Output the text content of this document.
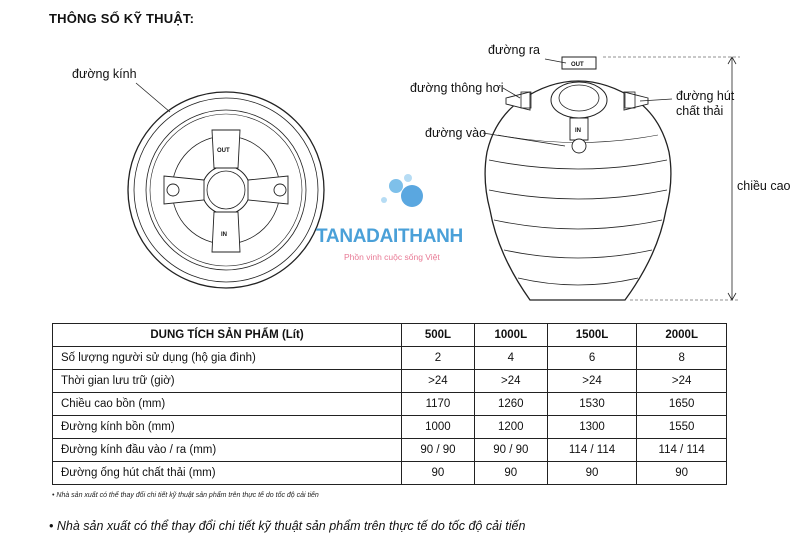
THÔNG SỐ KỸ THUẬT:
OUT
IN
đường kính
OUT
IN
đường ra
đường thông hơi
đường vào
đường hút
chất thải
chiều cao
TANADAITHANH
Phồn vinh cuộc sống Việt
DUNG TÍCH SẢN PHẨM (Lít)	500L	1000L	1500L	2000L
Số lượng người sử dụng (hộ gia đình)	2	4	6	8
Thời gian lưu trữ (giờ)	>24	>24	>24	>24
Chiều cao bồn (mm)	1170	1260	1530	1650
Đường kính bồn (mm)	1000	1200	1300	1550
Đường kính đầu vào / ra (mm)	90 / 90	90 / 90	114 / 114	114 / 114
Đường ống hút chất thải (mm)	90	90	90	90
• Nhà sản xuất có thể thay đổi chi tiết kỹ thuật sản phẩm trên thực tế do tốc độ cải tiến
• Nhà sản xuất có thể thay đổi chi tiết kỹ thuật sản phẩm trên thực tế do tốc độ cải tiến
